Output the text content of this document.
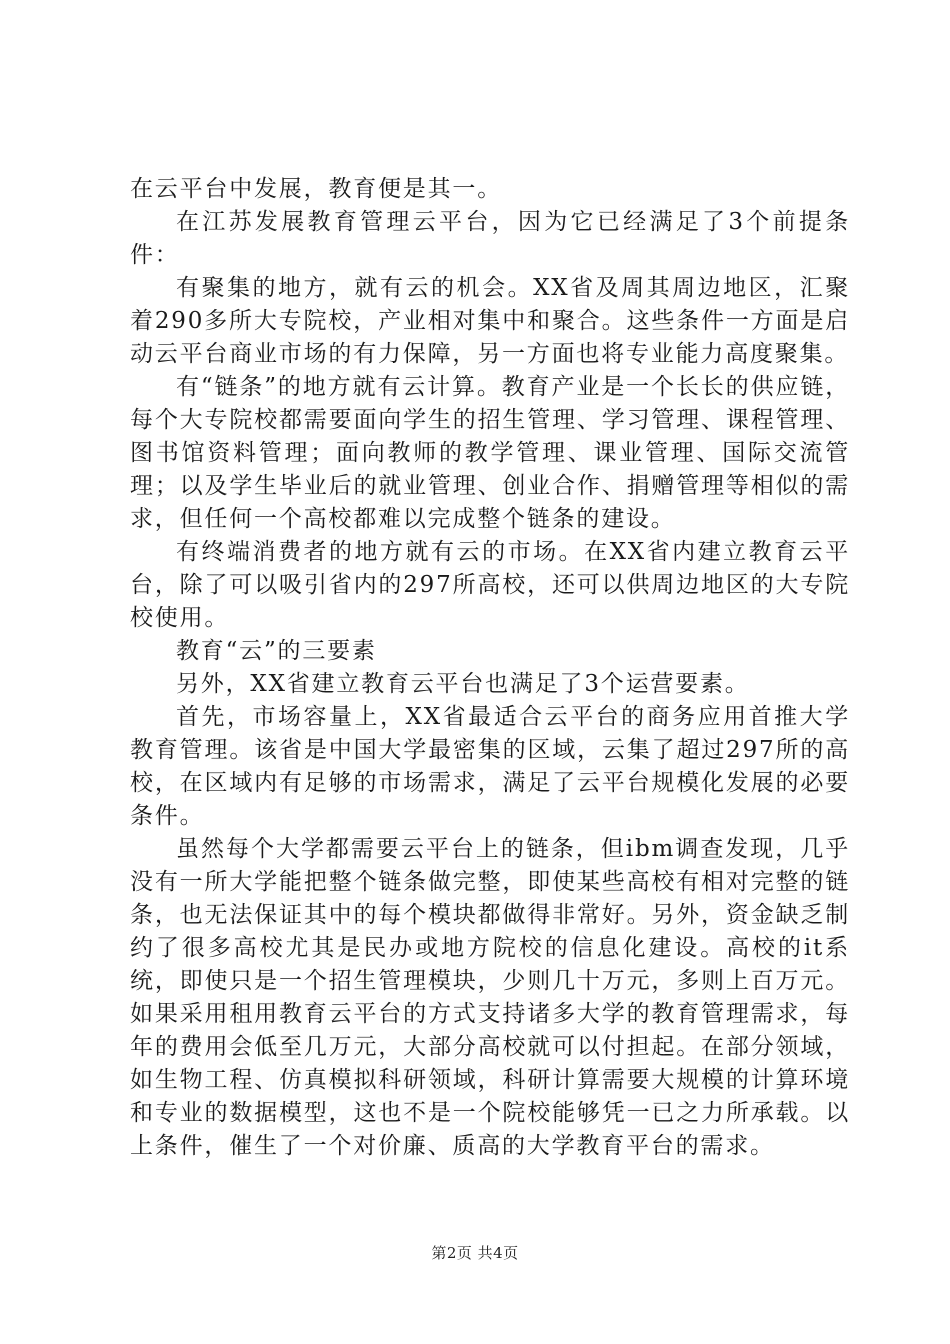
在云平台中发展，教育便是其一。

在江苏发展教育管理云平台，因为它已经满足了3个前提条件：

有聚集的地方，就有云的机会。XX省及周其周边地区，汇聚着290多所大专院校，产业相对集中和聚合。这些条件一方面是启动云平台商业市场的有力保障，另一方面也将专业能力高度聚集。

有“链条”的地方就有云计算。教育产业是一个长长的供应链，每个大专院校都需要面向学生的招生管理、学习管理、课程管理、图书馆资料管理；面向教师的教学管理、课业管理、国际交流管理；以及学生毕业后的就业管理、创业合作、捐赠管理等相似的需求，但任何一个高校都难以完成整个链条的建设。

有终端消费者的地方就有云的市场。在XX省内建立教育云平台，除了可以吸引省内的297所高校，还可以供周边地区的大专院校使用。

教育“云”的三要素

另外，XX省建立教育云平台也满足了3个运营要素。

首先，市场容量上，XX省最适合云平台的商务应用首推大学教育管理。该省是中国大学最密集的区域，云集了超过297所的高校，在区域内有足够的市场需求，满足了云平台规模化发展的必要条件。

虽然每个大学都需要云平台上的链条，但ibm调查发现，几乎没有一所大学能把整个链条做完整，即使某些高校有相对完整的链条，也无法保证其中的每个模块都做得非常好。另外，资金缺乏制约了很多高校尤其是民办或地方院校的信息化建设。高校的it系统，即使只是一个招生管理模块，少则几十万元，多则上百万元。如果采用租用教育云平台的方式支持诸多大学的教育管理需求，每年的费用会低至几万元，大部分高校就可以付担起。在部分领域，如生物工程、仿真模拟科研领域，科研计算需要大规模的计算环境和专业的数据模型，这也不是一个院校能够凭一已之力所承载。以上条件，催生了一个对价廉、质高的大学教育平台的需求。

第2页 共4页
